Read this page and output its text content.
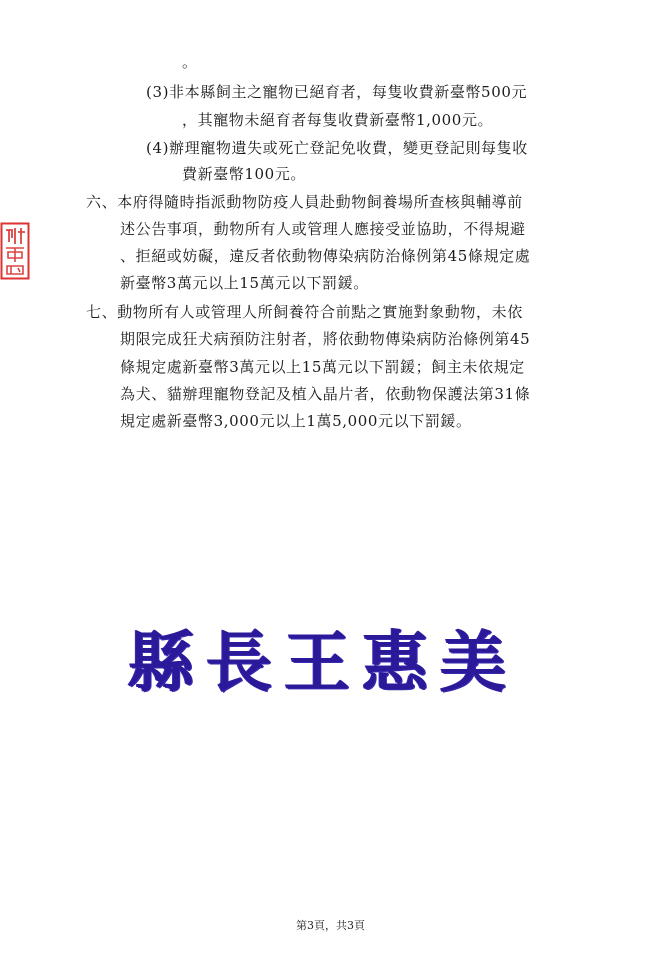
。
(3)非本縣飼主之寵物已絕育者，每隻收費新臺幣500元
，其寵物未絕育者每隻收費新臺幣1,000元。
(4)辦理寵物遺失或死亡登記免收費，變更登記則每隻收
費新臺幣100元。
六、本府得隨時指派動物防疫人員赴動物飼養場所查核與輔導前
述公告事項，動物所有人或管理人應接受並協助，不得規避
、拒絕或妨礙，違反者依動物傳染病防治條例第45條規定處
新臺幣3萬元以上15萬元以下罰鍰。
七、動物所有人或管理人所飼養符合前點之實施對象動物，未依
期限完成狂犬病預防注射者，將依動物傳染病防治條例第45
條規定處新臺幣3萬元以上15萬元以下罰鍰；飼主未依規定
為犬、貓辦理寵物登記及植入晶片者，依動物保護法第31條
規定處新臺幣3,000元以上1萬5,000元以下罰鍰。
縣長王惠美
第3頁，共3頁
